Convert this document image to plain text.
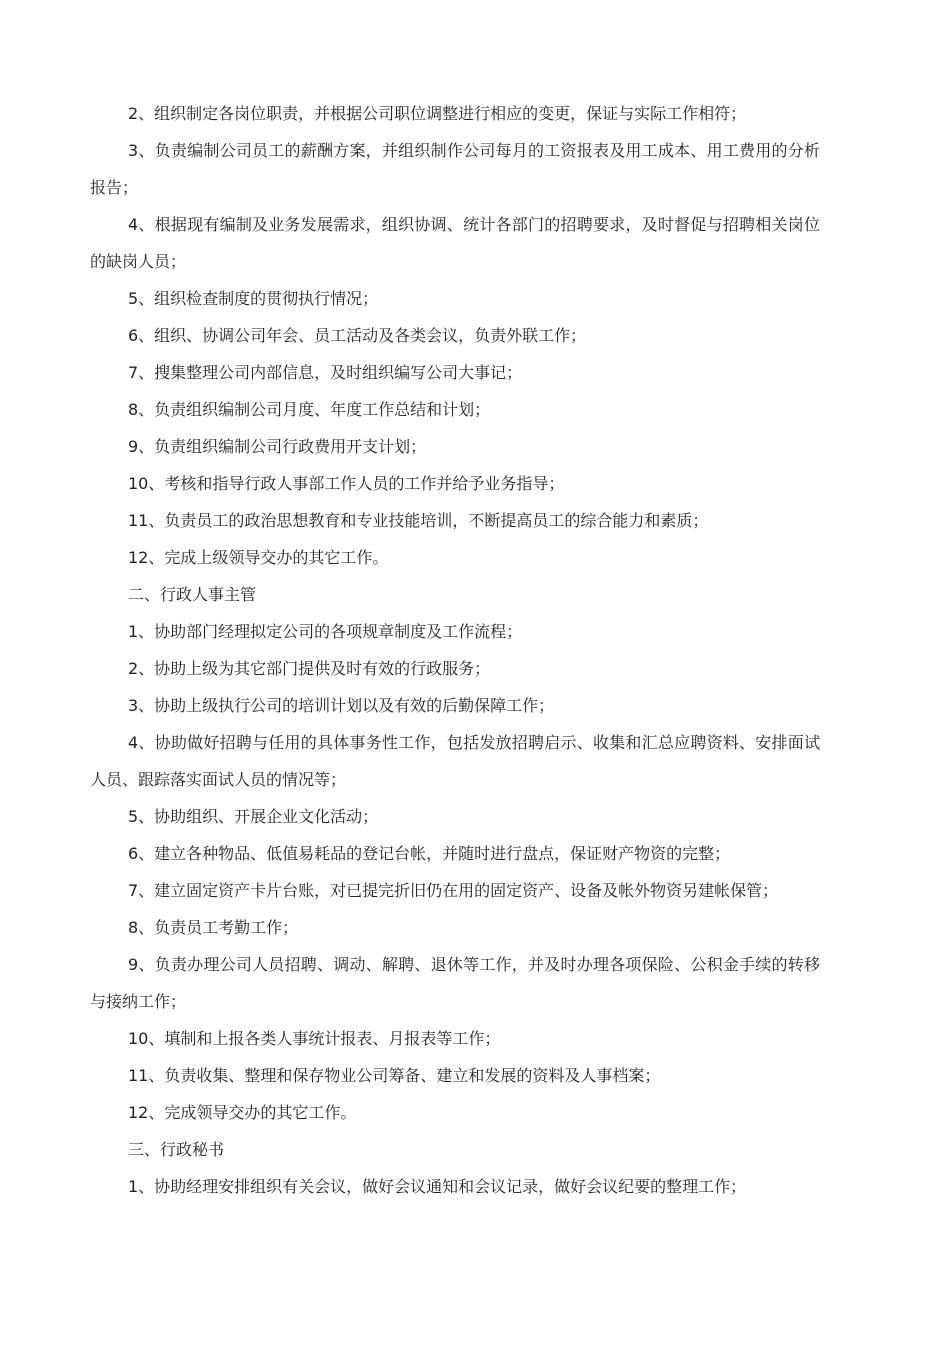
2、组织制定各岗位职责，并根据公司职位调整进行相应的变更，保证与实际工作相符；

3、负责编制公司员工的薪酬方案，并组织制作公司每月的工资报表及用工成本、用工费用的分析报告；

4、根据现有编制及业务发展需求，组织协调、统计各部门的招聘要求，及时督促与招聘相关岗位的缺岗人员；

5、组织检查制度的贯彻执行情况；

6、组织、协调公司年会、员工活动及各类会议，负责外联工作；

7、搜集整理公司内部信息，及时组织编写公司大事记；

8、负责组织编制公司月度、年度工作总结和计划；

9、负责组织编制公司行政费用开支计划；

10、考核和指导行政人事部工作人员的工作并给予业务指导；

11、负责员工的政治思想教育和专业技能培训，不断提高员工的综合能力和素质；

12、完成上级领导交办的其它工作。

二、行政人事主管

1、协助部门经理拟定公司的各项规章制度及工作流程；

2、协助上级为其它部门提供及时有效的行政服务；

3、协助上级执行公司的培训计划以及有效的后勤保障工作；

4、协助做好招聘与任用的具体事务性工作，包括发放招聘启示、收集和汇总应聘资料、安排面试人员、跟踪落实面试人员的情况等；

5、协助组织、开展企业文化活动；

6、建立各种物品、低值易耗品的登记台帐，并随时进行盘点，保证财产物资的完整；

7、建立固定资产卡片台账，对已提完折旧仍在用的固定资产、设备及帐外物资另建帐保管；

8、负责员工考勤工作；

9、负责办理公司人员招聘、调动、解聘、退休等工作，并及时办理各项保险、公积金手续的转移与接纳工作；

10、填制和上报各类人事统计报表、月报表等工作；

11、负责收集、整理和保存物业公司筹备、建立和发展的资料及人事档案；

12、完成领导交办的其它工作。

三、行政秘书

1、协助经理安排组织有关会议，做好会议通知和会议记录，做好会议纪要的整理工作；
